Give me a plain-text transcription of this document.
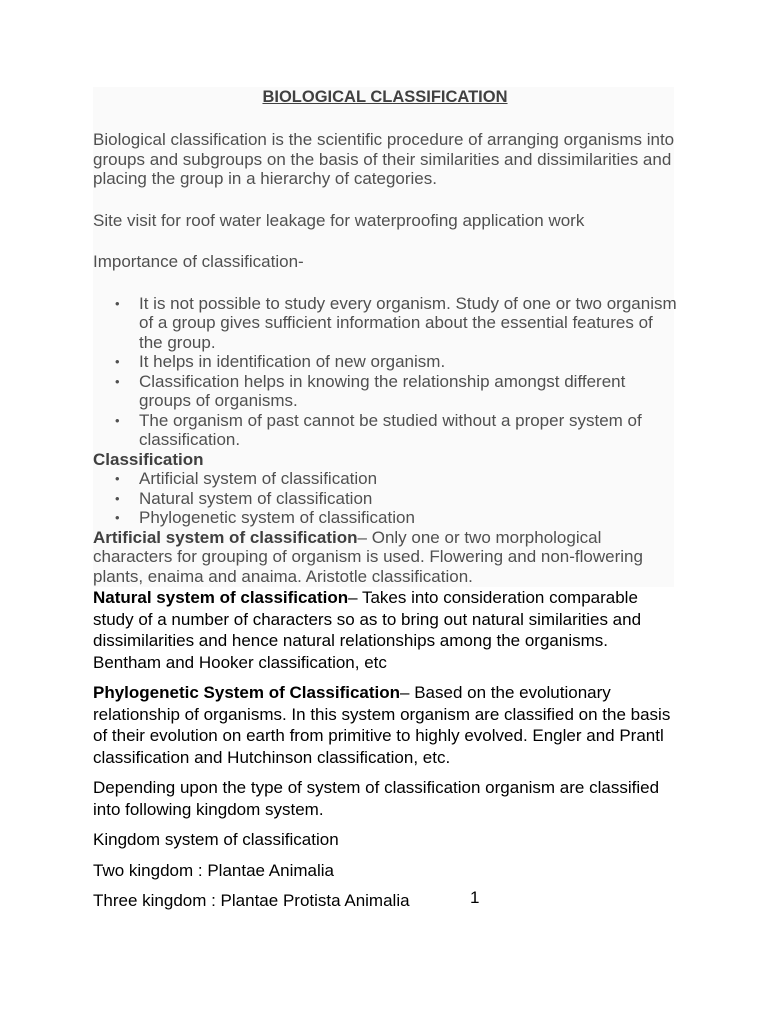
BIOLOGICAL CLASSIFICATION

Biological classification is the scientific procedure of arranging organisms into groups and subgroups on the basis of their similarities and dissimilarities and placing the group in a hierarchy of categories.

Site visit for roof water leakage for waterproofing application work

Importance of classification-

• It is not possible to study every organism. Study of one or two organism of a group gives sufficient information about the essential features of the group.
• It helps in identification of new organism.
• Classification helps in knowing the relationship amongst different groups of organisms.
• The organism of past cannot be studied without a proper system of classification.

Classification

• Artificial system of classification
• Natural system of classification
• Phylogenetic system of classification

Artificial system of classification– Only one or two morphological characters for grouping of organism is used. Flowering and non-flowering plants, enaima and anaima. Aristotle classification.

Natural system of classification– Takes into consideration comparable study of a number of characters so as to bring out natural similarities and dissimilarities and hence natural relationships among the organisms. Bentham and Hooker classification, etc

Phylogenetic System of Classification– Based on the evolutionary relationship of organisms. In this system organism are classified on the basis of their evolution on earth from primitive to highly evolved. Engler and Prantl classification and Hutchinson classification, etc.

Depending upon the type of system of classification organism are classified into following kingdom system.

Kingdom system of classification

Two kingdom : Plantae Animalia

Three kingdom : Plantae Protista Animalia	1
